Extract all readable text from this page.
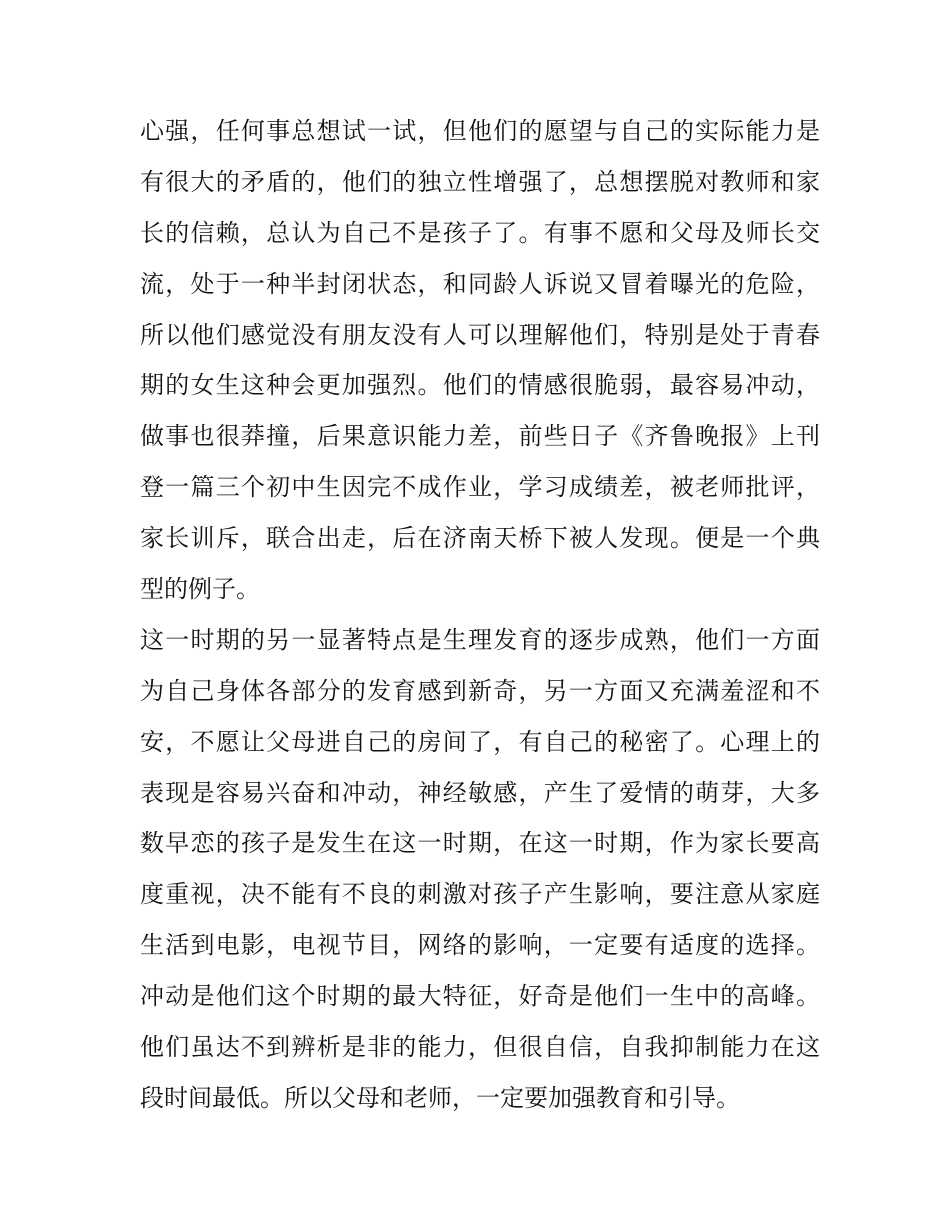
心强，任何事总想试一试，但他们的愿望与自己的实际能力是
有很大的矛盾的，他们的独立性增强了，总想摆脱对教师和家
长的信赖，总认为自己不是孩子了。有事不愿和父母及师长交
流，处于一种半封闭状态，和同龄人诉说又冒着曝光的危险，
所以他们感觉没有朋友没有人可以理解他们，特别是处于青春
期的女生这种会更加强烈。他们的情感很脆弱，最容易冲动，
做事也很莽撞，后果意识能力差，前些日子《齐鲁晚报》上刊
登一篇三个初中生因完不成作业，学习成绩差，被老师批评，
家长训斥，联合出走，后在济南天桥下被人发现。便是一个典
型的例子。
这一时期的另一显著特点是生理发育的逐步成熟，他们一方面
为自己身体各部分的发育感到新奇，另一方面又充满羞涩和不
安，不愿让父母进自己的房间了，有自己的秘密了。心理上的
表现是容易兴奋和冲动，神经敏感，产生了爱情的萌芽，大多
数早恋的孩子是发生在这一时期，在这一时期，作为家长要高
度重视，决不能有不良的刺激对孩子产生影响，要注意从家庭
生活到电影，电视节目，网络的影响，一定要有适度的选择。
冲动是他们这个时期的最大特征，好奇是他们一生中的高峰。
他们虽达不到辨析是非的能力，但很自信，自我抑制能力在这
段时间最低。所以父母和老师，一定要加强教育和引导。
